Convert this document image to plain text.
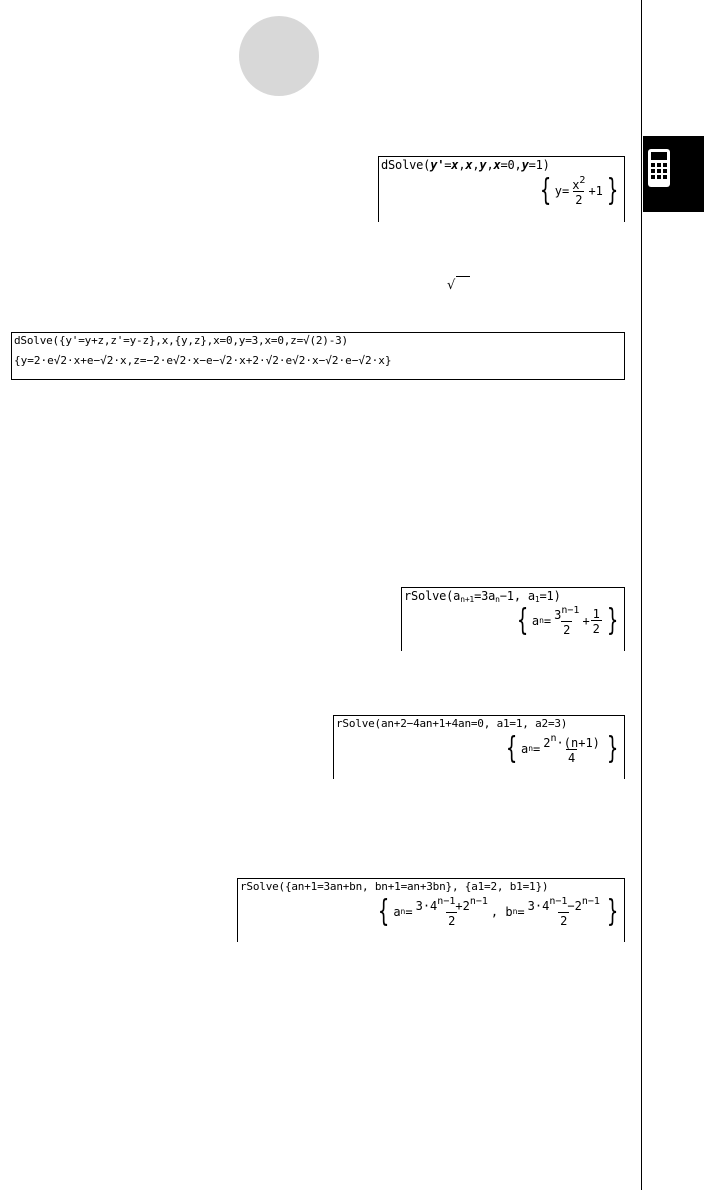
dSolve(y'=x,x,y,x=0,y=1)
{ $y= \frac{x^2}{2} +1$ }
√
dSolve({y'=y+z,z'=y-z},x,{y,z},x=0,y=3,x=0,z=√(2)-3)
{y=2·e√2·x+e−√2·x,z=−2·e√2·x−e−√2·x+2·√2·e√2·x−√2·e−√2·x}
$rSolve(a_{n+1}=3a_n-1$, $a_1=1$)
{ a $n = \frac{3^{n-1}}{2} + \frac{1}{2}$ }
rSolve(an+2−4an+1+4an=0, a1=1, a2=3)
{ a $n = \frac{2^n\cdot(n+1)}{4}$ }
rSolve({an+1=3an+bn, bn+1=an+3bn}, {a1=2, b1=1})
{ a $n = \frac{3\cdot 4^{n-1}+2^{n-1}}{2}$ ,
b $n = \frac{3\cdot 4^{n-1}-2^{n-1}}{2}$ }
